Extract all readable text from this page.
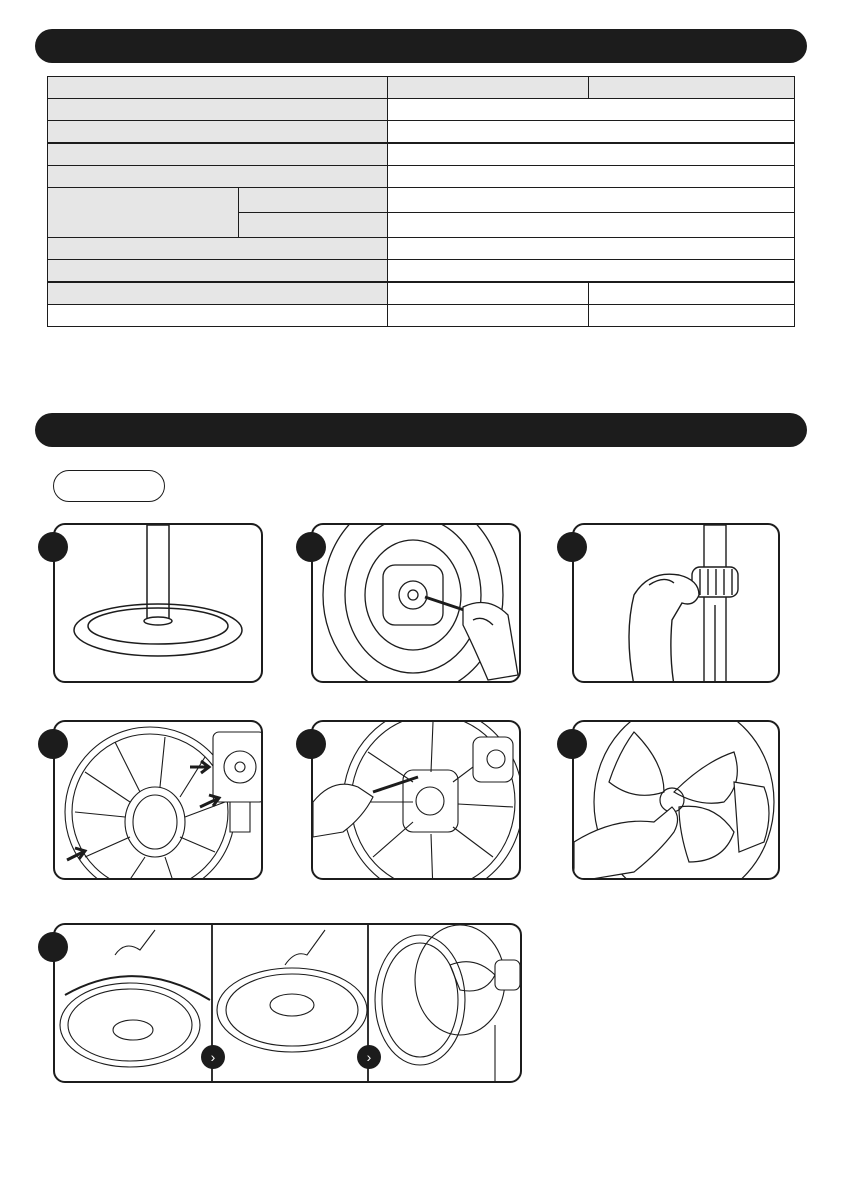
›	›
